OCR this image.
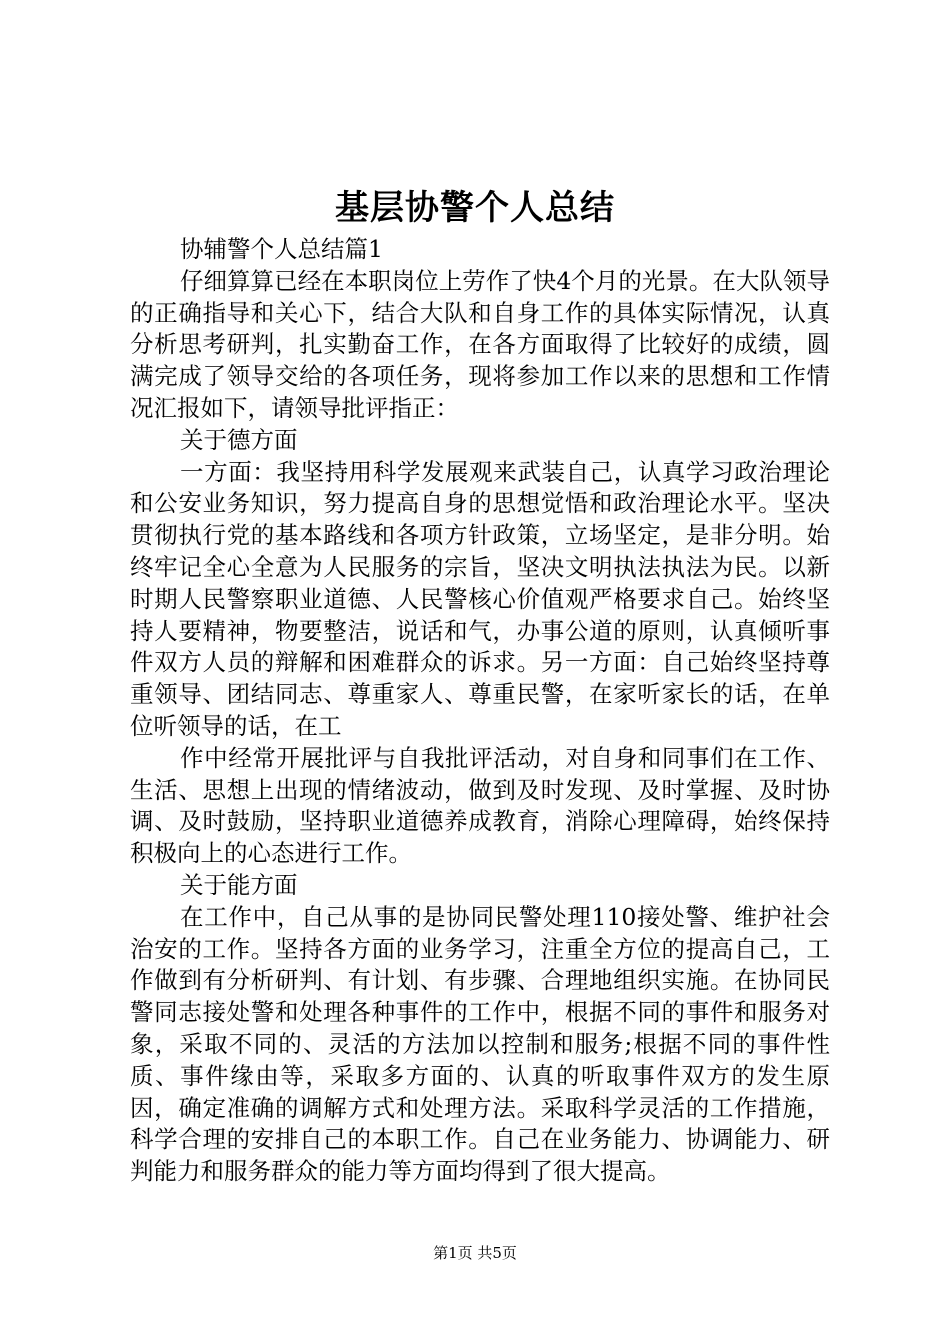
基层协警个人总结

协辅警个人总结篇1

仔细算算已经在本职岗位上劳作了快4个月的光景。在大队领导的正确指导和关心下，结合大队和自身工作的具体实际情况，认真分析思考研判，扎实勤奋工作，在各方面取得了比较好的成绩，圆满完成了领导交给的各项任务，现将参加工作以来的思想和工作情况汇报如下，请领导批评指正：

关于德方面

一方面：我坚持用科学发展观来武装自己，认真学习政治理论和公安业务知识，努力提高自身的思想觉悟和政治理论水平。坚决贯彻执行党的基本路线和各项方针政策，立场坚定，是非分明。始终牢记全心全意为人民服务的宗旨，坚决文明执法执法为民。以新时期人民警察职业道德、人民警核心价值观严格要求自己。始终坚持人要精神，物要整洁，说话和气，办事公道的原则，认真倾听事件双方人员的辩解和困难群众的诉求。另一方面：自己始终坚持尊重领导、团结同志、尊重家人、尊重民警，在家听家长的话，在单位听领导的话，在工

作中经常开展批评与自我批评活动，对自身和同事们在工作、生活、思想上出现的情绪波动，做到及时发现、及时掌握、及时协调、及时鼓励，坚持职业道德养成教育，消除心理障碍，始终保持积极向上的心态进行工作。

关于能方面

在工作中，自己从事的是协同民警处理110接处警、维护社会治安的工作。坚持各方面的业务学习，注重全方位的提高自己，工作做到有分析研判、有计划、有步骤、合理地组织实施。在协同民警同志接处警和处理各种事件的工作中，根据不同的事件和服务对象，采取不同的、灵活的方法加以控制和服务;根据不同的事件性质、事件缘由等，采取多方面的、认真的听取事件双方的发生原因，确定准确的调解方式和处理方法。采取科学灵活的工作措施，科学合理的安排自己的本职工作。自己在业务能力、协调能力、研判能力和服务群众的能力等方面均得到了很大提高。

第1页 共5页
